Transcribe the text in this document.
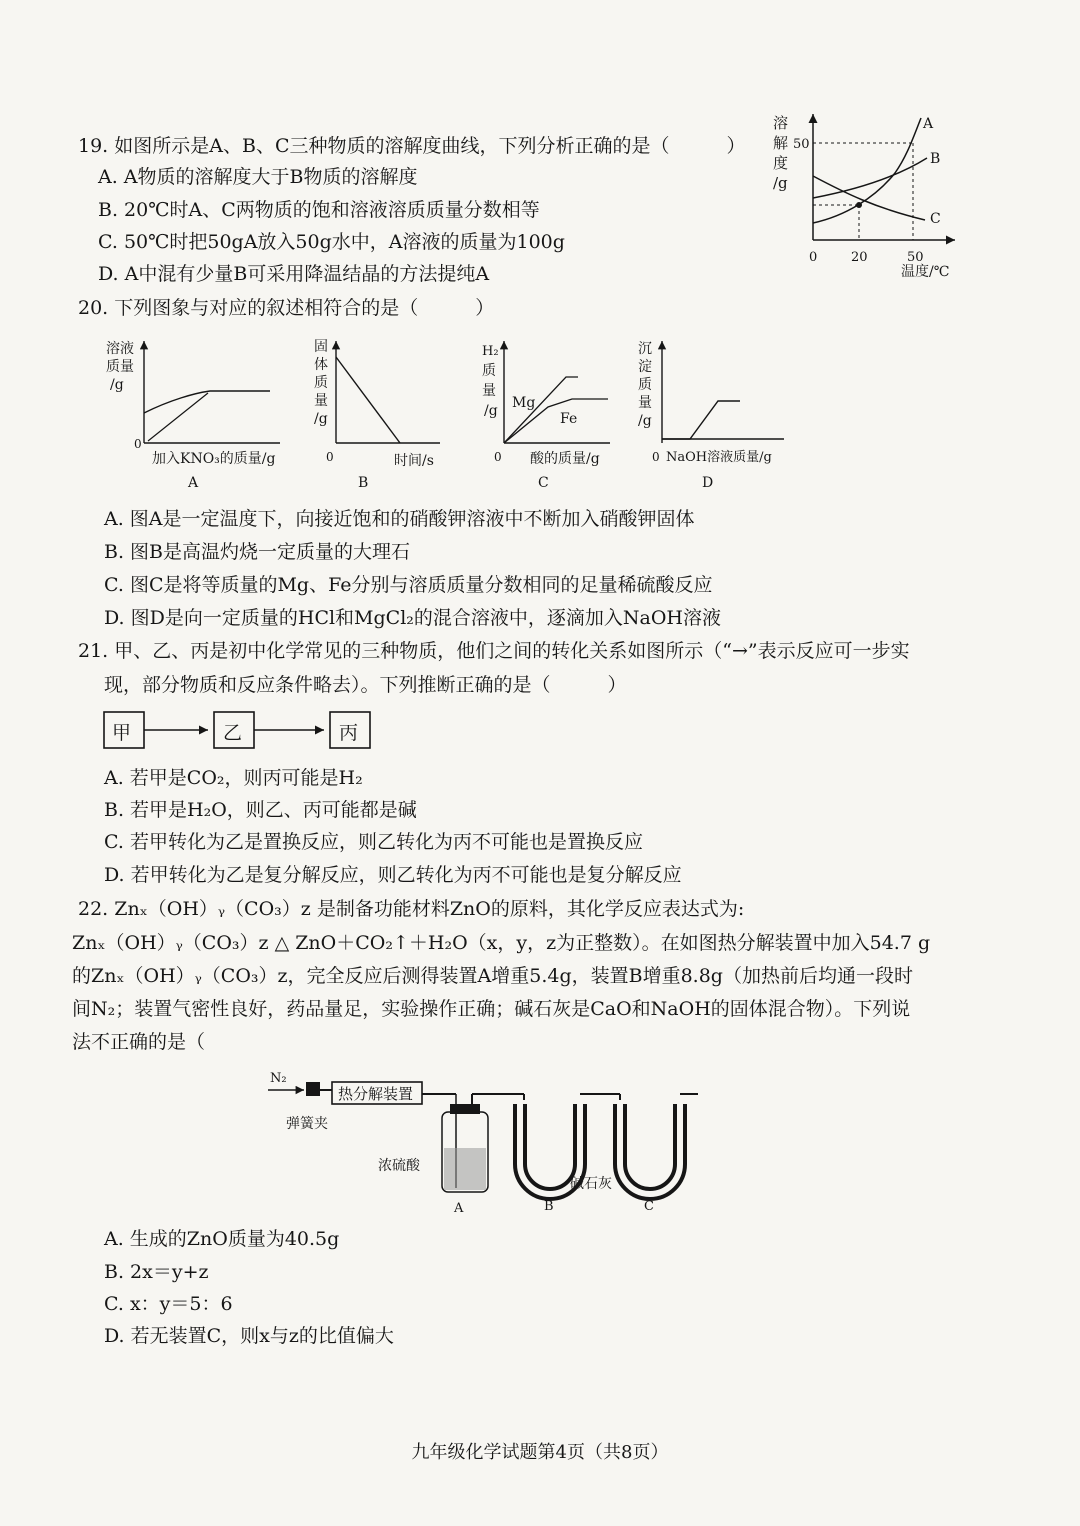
19. 如图所示是A、B、C三种物质的溶解度曲线，下列分析正确的是（　　　）
A. A物质的溶解度大于B物质的溶解度
B. 20℃时A、C两物质的饱和溶液溶质质量分数相等
C. 50℃时把50gA放入50g水中，A溶液的质量为100g
D. A中混有少量B可采用降温结晶的方法提纯A
溶
解
度
/g
50
A
B
C
0	20	50
温度/℃
20. 下列图象与对应的叙述相符合的是（　　　）
溶液
质量
/g
0
加入KNO₃的质量/g
A
固
体
质
量
/g
0	时间/s
B
H₂
质
量
/g Mg
Fe
0 酸的质量/g
C
沉
淀
质
量
/g
0 NaOH溶液质量/g
D
A. 图A是一定温度下，向接近饱和的硝酸钾溶液中不断加入硝酸钾固体
B. 图B是高温灼烧一定质量的大理石
C. 图C是将等质量的Mg、Fe分别与溶质质量分数相同的足量稀硫酸反应
D. 图D是向一定质量的HCl和MgCl₂的混合溶液中，逐滴加入NaOH溶液
21. 甲、乙、丙是初中化学常见的三种物质，他们之间的转化关系如图所示（“→”表示反应可一步实
现，部分物质和反应条件略去）。下列推断正确的是（　　　）
甲	乙	丙
A. 若甲是CO₂，则丙可能是H₂
B. 若甲是H₂O，则乙、丙可能都是碱
C. 若甲转化为乙是置换反应，则乙转化为丙不可能也是置换反应
D. 若甲转化为乙是复分解反应，则乙转化为丙不可能也是复分解反应
22. Znₓ（OH）ᵧ（CO₃）z 是制备功能材料ZnO的原料，其化学反应表达式为:
Znₓ（OH）ᵧ（CO₃）z △ ZnO＋CO₂↑＋H₂O（x，y，z为正整数）。在如图热分解装置中加入54.7 g
的Znₓ（OH）ᵧ（CO₃）z，完全反应后测得装置A增重5.4g，装置B增重8.8g（加热前后均通一段时
间N₂；装置气密性良好，药品量足，实验操作正确；碱石灰是CaO和NaOH的固体混合物）。下列说
法不正确的是（
N₂
热分解装置
弹簧夹
浓硫酸
A	B
碱石灰
C
A. 生成的ZnO质量为40.5g
B. 2x＝y+z
C. x：y＝5：6
D. 若无装置C，则x与z的比值偏大
九年级化学试题第4页（共8页）
